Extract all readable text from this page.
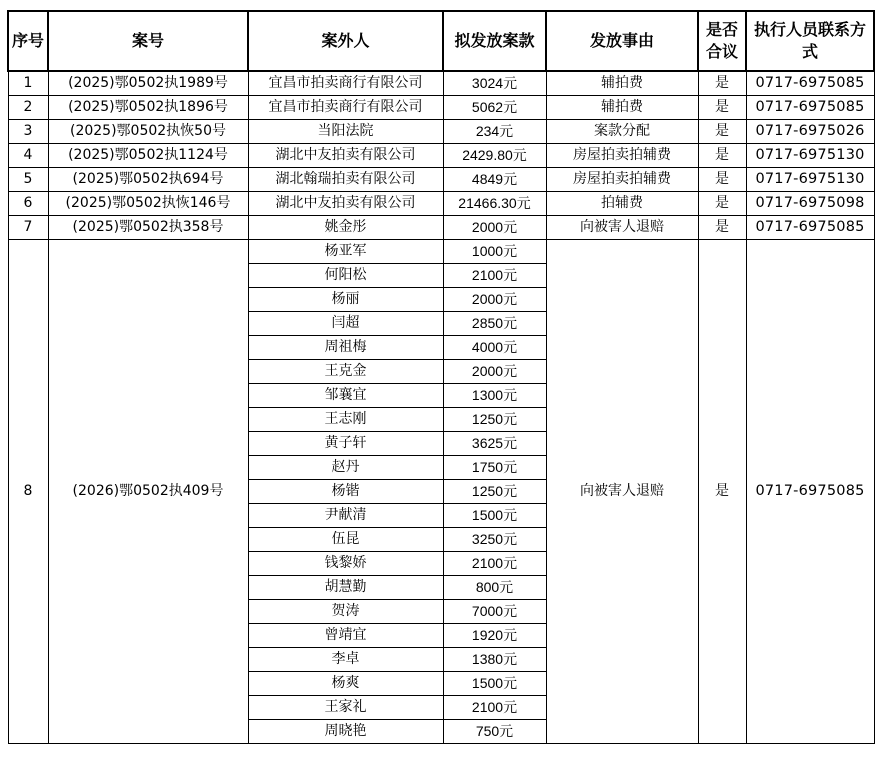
序号	案号	案外人	拟发放案款	发放事由	是否合议	执行人员联系方式
1	(2025)鄂0502执1989号	宜昌市拍卖商行有限公司	3024元	辅拍费	是	0717-6975085
2	(2025)鄂0502执1896号	宜昌市拍卖商行有限公司	5062元	辅拍费	是	0717-6975085
3	(2025)鄂0502执恢50号	当阳法院	234元	案款分配	是	0717-6975026
4	(2025)鄂0502执1124号	湖北中友拍卖有限公司	2429.80元	房屋拍卖拍辅费	是	0717-6975130
5	(2025)鄂0502执694号	湖北翰瑞拍卖有限公司	4849元	房屋拍卖拍辅费	是	0717-6975130
6	(2025)鄂0502执恢146号	湖北中友拍卖有限公司	21466.30元	拍辅费	是	0717-6975098
7	(2025)鄂0502执358号	姚金彤	2000元	向被害人退赔	是	0717-6975085
8	(2026)鄂0502执409号	杨亚军	1000元	向被害人退赔	是	0717-6975085
		何阳松	2100元			
		杨丽	2000元			
		闫超	2850元			
		周祖梅	4000元			
		王克金	2000元			
		邹襄宜	1300元			
		王志刚	1250元			
		黄子轩	3625元			
		赵丹	1750元			
		杨锴	1250元			
		尹献清	1500元			
		伍昆	3250元			
		钱黎娇	2100元			
		胡慧勤	800元			
		贺涛	7000元			
		曾靖宜	1920元			
		李卓	1380元			
		杨爽	1500元			
		王家礼	2100元			
		周晓艳	750元			
